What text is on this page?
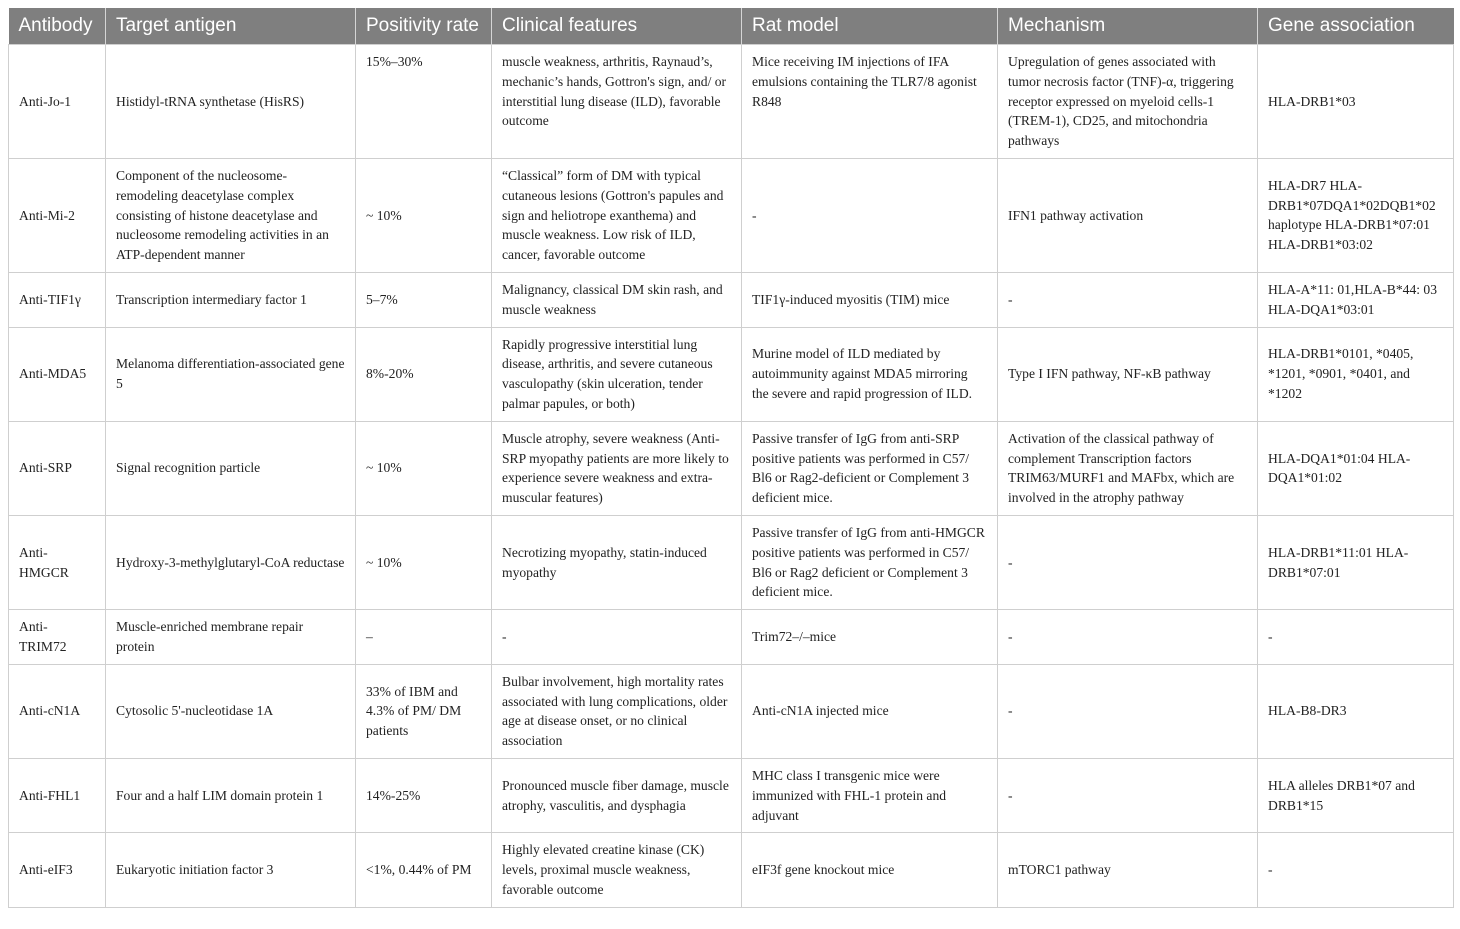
Antibody	Target antigen	Positivity rate	Clinical features	Rat model	Mechanism	Gene association
Anti-Jo-1	Histidyl-tRNA synthetase (HisRS)	15%–30%	muscle weakness, arthritis, Raynaud’s, mechanic’s hands, Gottron's sign, and/ or interstitial lung disease (ILD), favorable outcome	Mice receiving IM injections of IFA emulsions containing the TLR7/8 agonist R848	Upregulation of genes associated with tumor necrosis factor (TNF)-α, triggering receptor expressed on myeloid cells-1 (TREM-1), CD25, and mitochondria pathways	HLA-DRB1*03
Anti-Mi-2	Component of the nucleosome-remodeling deacetylase complex consisting of histone deacetylase and nucleosome remodeling activities in an ATP-dependent manner	~ 10%	“Classical” form of DM with typical cutaneous lesions (Gottron's papules and sign and heliotrope exanthema) and muscle weakness. Low risk of ILD, cancer, favorable outcome	-	IFN1 pathway activation	HLA-DR7 HLA-DRB1*07DQA1*02DQB1*02 haplotype HLA-DRB1*07:01 HLA-DRB1*03:02
Anti-TIF1γ	Transcription intermediary factor 1	5–7%	Malignancy, classical DM skin rash, and muscle weakness	TIF1γ-induced myositis (TIM) mice	-	HLA-A*11: 01,HLA-B*44: 03 HLA-DQA1*03:01
Anti-MDA5	Melanoma differentiation-associated gene 5	8%-20%	Rapidly progressive interstitial lung disease, arthritis, and severe cutaneous vasculopathy (skin ulceration, tender palmar papules, or both)	Murine model of ILD mediated by autoimmunity against MDA5 mirroring the severe and rapid progression of ILD.	Type I IFN pathway, NF-κB pathway	HLA-DRB1*0101, *0405, *1201, *0901, *0401, and *1202
Anti-SRP	Signal recognition particle	~ 10%	Muscle atrophy, severe weakness (Anti-SRP myopathy patients are more likely to experience severe weakness and extra-muscular features)	Passive transfer of IgG from anti-SRP positive patients was performed in C57/ Bl6 or Rag2-deficient or Complement 3 deficient mice.	Activation of the classical pathway of complement Transcription factors TRIM63/MURF1 and MAFbx, which are involved in the atrophy pathway	HLA-DQA1*01:04 HLA-DQA1*01:02
Anti-HMGCR	Hydroxy-3-methylglutaryl-CoA reductase	~ 10%	Necrotizing myopathy, statin-induced myopathy	Passive transfer of IgG from anti-HMGCR positive patients was performed in C57/ Bl6 or Rag2 deficient or Complement 3 deficient mice.	-	HLA-DRB1*11:01 HLA-DRB1*07:01
Anti-TRIM72	Muscle-enriched membrane repair protein	–	-	Trim72–/–mice	-	-
Anti-cN1A	Cytosolic 5'-nucleotidase 1A	33% of IBM and 4.3% of PM/ DM patients	Bulbar involvement, high mortality rates associated with lung complications, older age at disease onset, or no clinical association	Anti-cN1A injected mice	-	HLA-B8-DR3
Anti-FHL1	Four and a half LIM domain protein 1	14%-25%	Pronounced muscle fiber damage, muscle atrophy, vasculitis, and dysphagia	MHC class I transgenic mice were immunized with FHL-1 protein and adjuvant	-	HLA alleles DRB1*07 and DRB1*15
Anti-eIF3	Eukaryotic initiation factor 3	<1%, 0.44% of PM	Highly elevated creatine kinase (CK) levels, proximal muscle weakness, favorable outcome	eIF3f gene knockout mice	mTORC1 pathway	-
